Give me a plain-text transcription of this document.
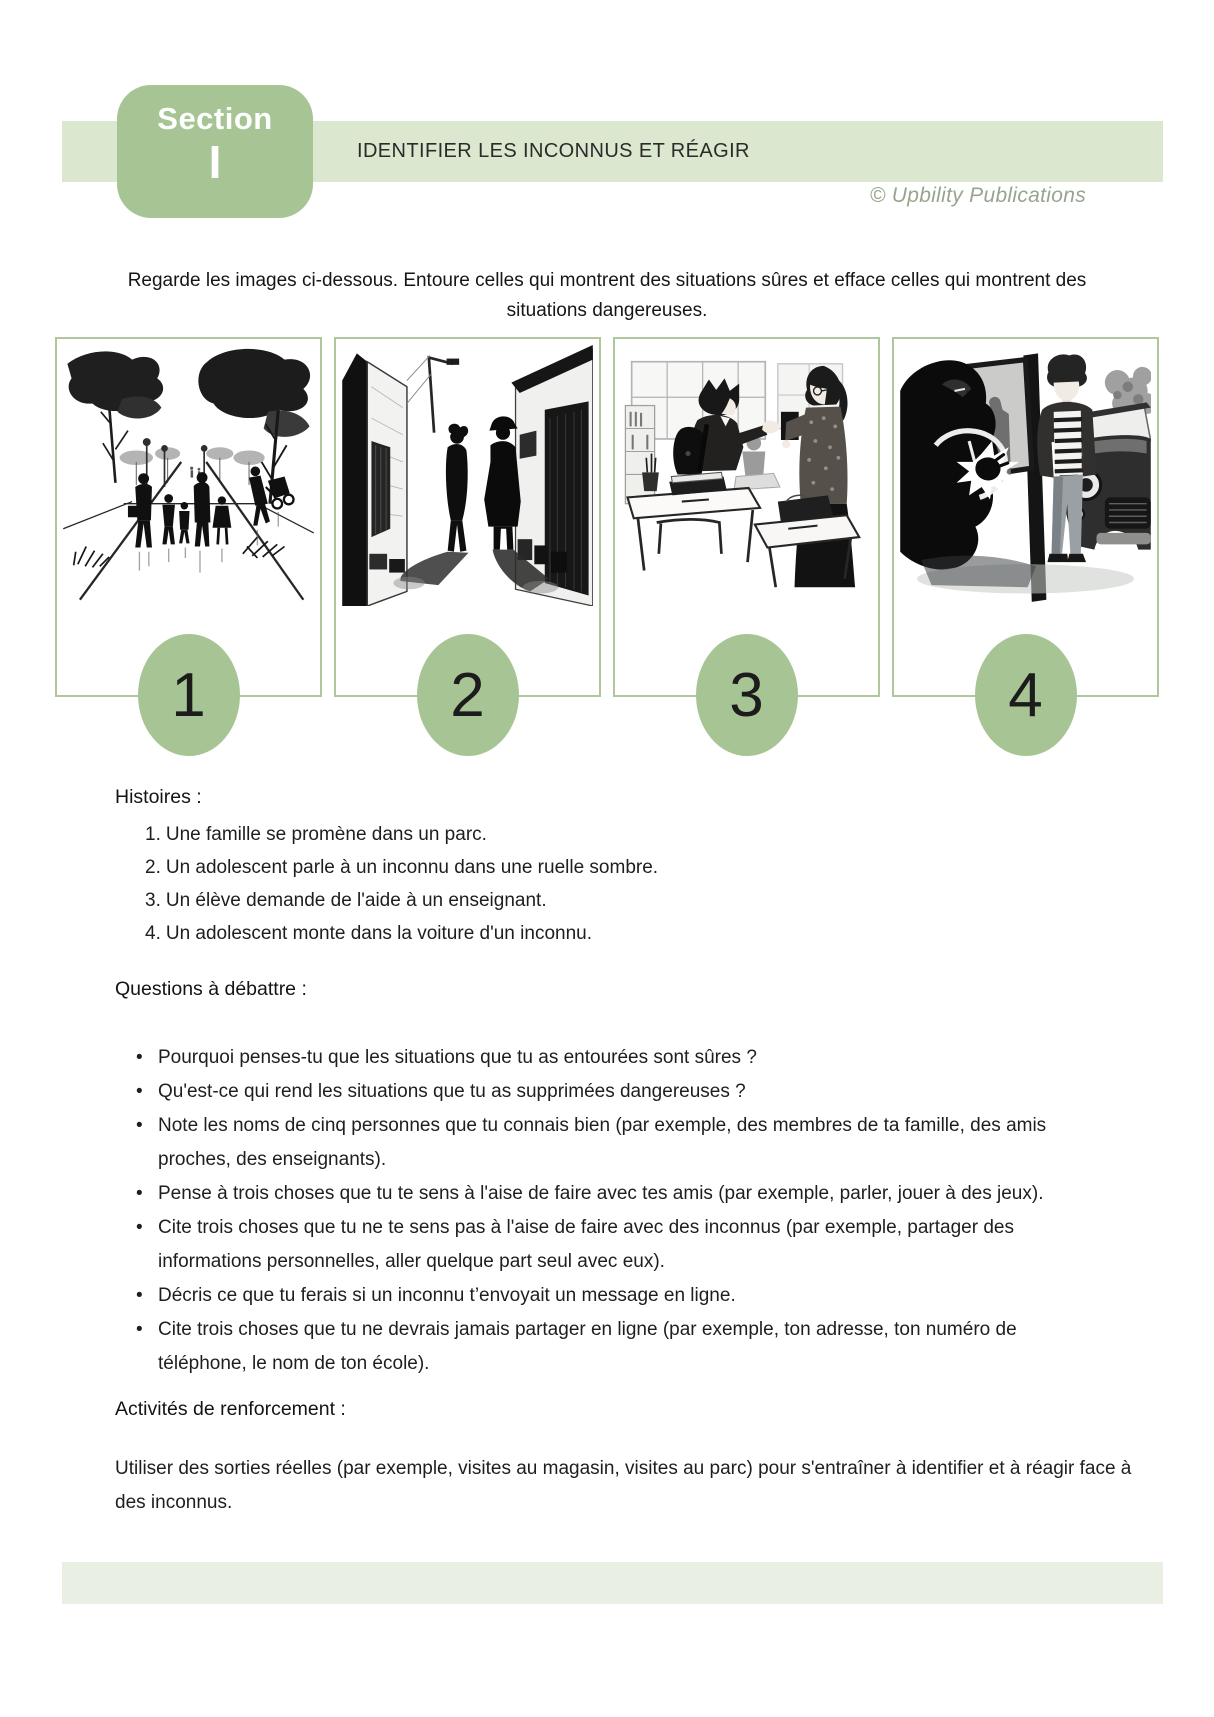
IDENTIFIER LES INCONNUS ET RÉAGIR
Section
I
© Upbility Publications
Regarde les images ci-dessous. Entoure celles qui montrent des situations sûres et efface celles qui montrent des
situations dangereuses.
1	2	3	4
Histoires :
1. Une famille se promène dans un parc.
2. Un adolescent parle à un inconnu dans une ruelle sombre.
3. Un élève demande de l'aide à un enseignant.
4. Un adolescent monte dans la voiture d'un inconnu.
Questions à débattre :
• Pourquoi penses-tu que les situations que tu as entourées sont sûres ?
• Qu'est-ce qui rend les situations que tu as supprimées dangereuses ?
• Note les noms de cinq personnes que tu connais bien (par exemple, des membres de ta famille, des amis proches, des enseignants).
• Pense à trois choses que tu te sens à l'aise de faire avec tes amis (par exemple, parler, jouer à des jeux).
• Cite trois choses que tu ne te sens pas à l'aise de faire avec des inconnus (par exemple, partager des informations personnelles, aller quelque part seul avec eux).
• Décris ce que tu ferais si un inconnu t’envoyait un message en ligne.
• Cite trois choses que tu ne devrais jamais partager en ligne (par exemple, ton adresse, ton numéro de téléphone, le nom de ton école).
Activités de renforcement :
Utiliser des sorties réelles (par exemple, visites au magasin, visites au parc) pour s'entraîner à identifier et à réagir face à des inconnus.
